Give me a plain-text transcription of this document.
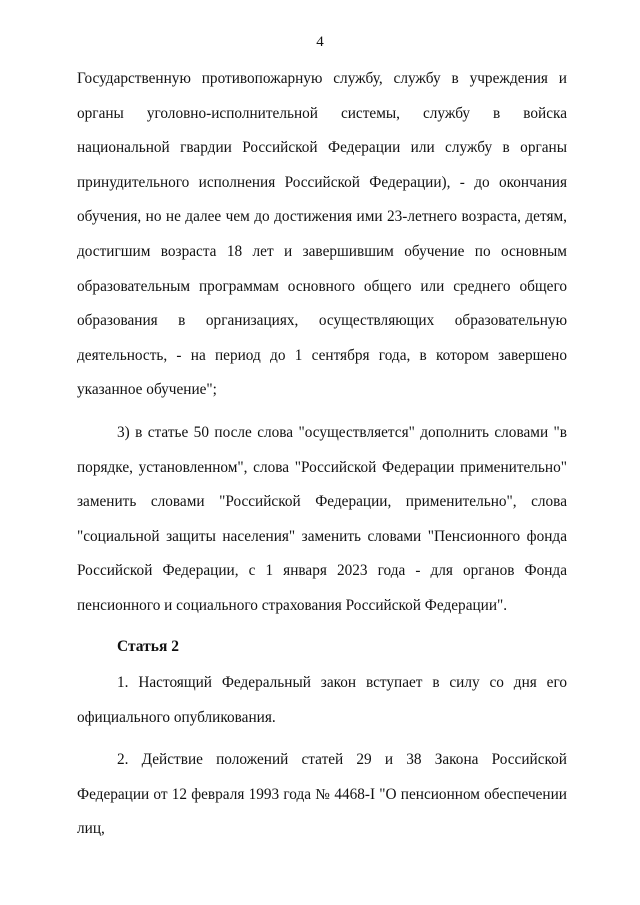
4
Государственную противопожарную службу, службу в учреждения и органы уголовно-исполнительной системы, службу в войска национальной гвардии Российской Федерации или службу в органы принудительного исполнения Российской Федерации), - до окончания обучения, но не далее чем до достижения ими 23-летнего возраста, детям, достигшим возраста 18 лет и завершившим обучение по основным образовательным программам основного общего или среднего общего образования в организациях, осуществляющих образовательную деятельность, - на период до 1 сентября года, в котором завершено указанное обучение";
3) в статье 50 после слова "осуществляется" дополнить словами "в порядке, установленном", слова "Российской Федерации применительно" заменить словами "Российской Федерации, применительно", слова "социальной защиты населения" заменить словами "Пенсионного фонда Российской Федерации, с 1 января 2023 года - для органов Фонда пенсионного и социального страхования Российской Федерации".
Статья 2
1. Настоящий Федеральный закон вступает в силу со дня его официального опубликования.
2. Действие положений статей 29 и 38 Закона Российской Федерации от 12 февраля 1993 года № 4468-I "О пенсионном обеспечении лиц,
